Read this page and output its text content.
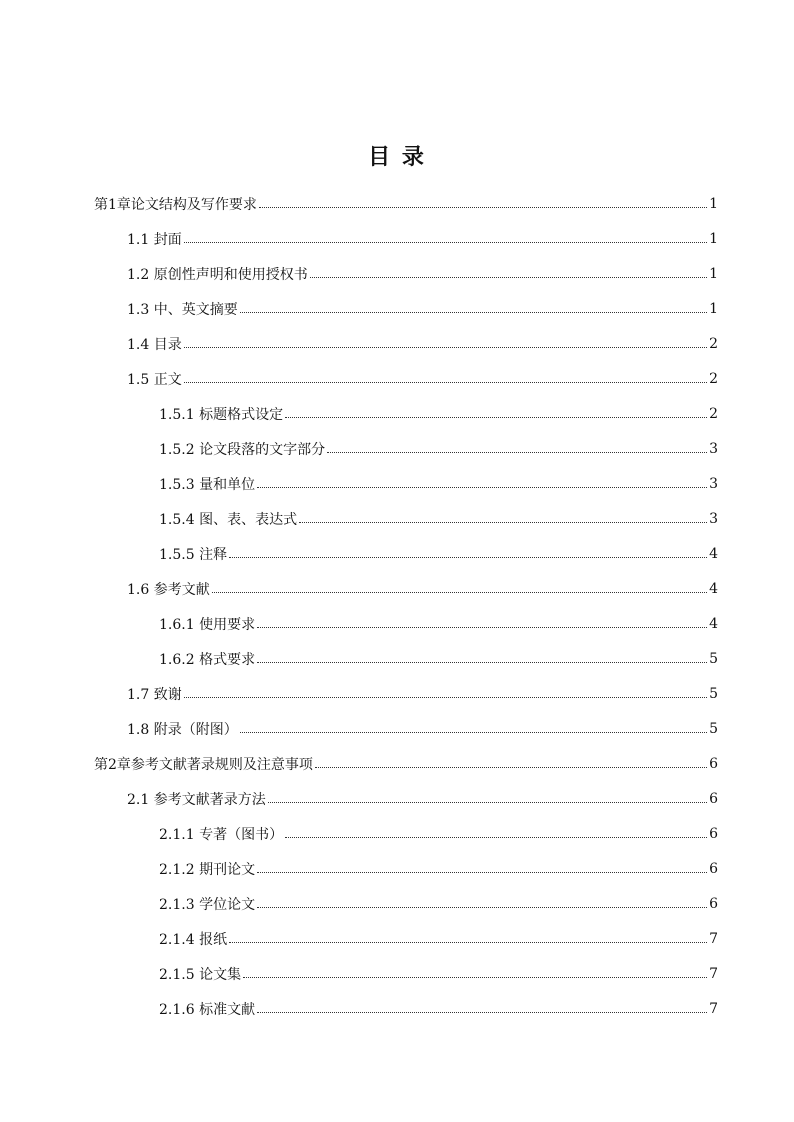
目 录
第1章论文结构及写作要求	1
1.1 封面	1
1.2 原创性声明和使用授权书	1
1.3 中、英文摘要	1
1.4 目录	2
1.5 正文	2
1.5.1 标题格式设定	2
1.5.2 论文段落的文字部分	3
1.5.3 量和单位	3
1.5.4 图、表、表达式	3
1.5.5 注释	4
1.6 参考文献	4
1.6.1 使用要求	4
1.6.2 格式要求	5
1.7 致谢	5
1.8 附录（附图）	5
第2章参考文献著录规则及注意事项	6
2.1 参考文献著录方法	6
2.1.1 专著（图书）	6
2.1.2 期刊论文	6
2.1.3 学位论文	6
2.1.4 报纸	7
2.1.5 论文集	7
2.1.6 标准文献	7
